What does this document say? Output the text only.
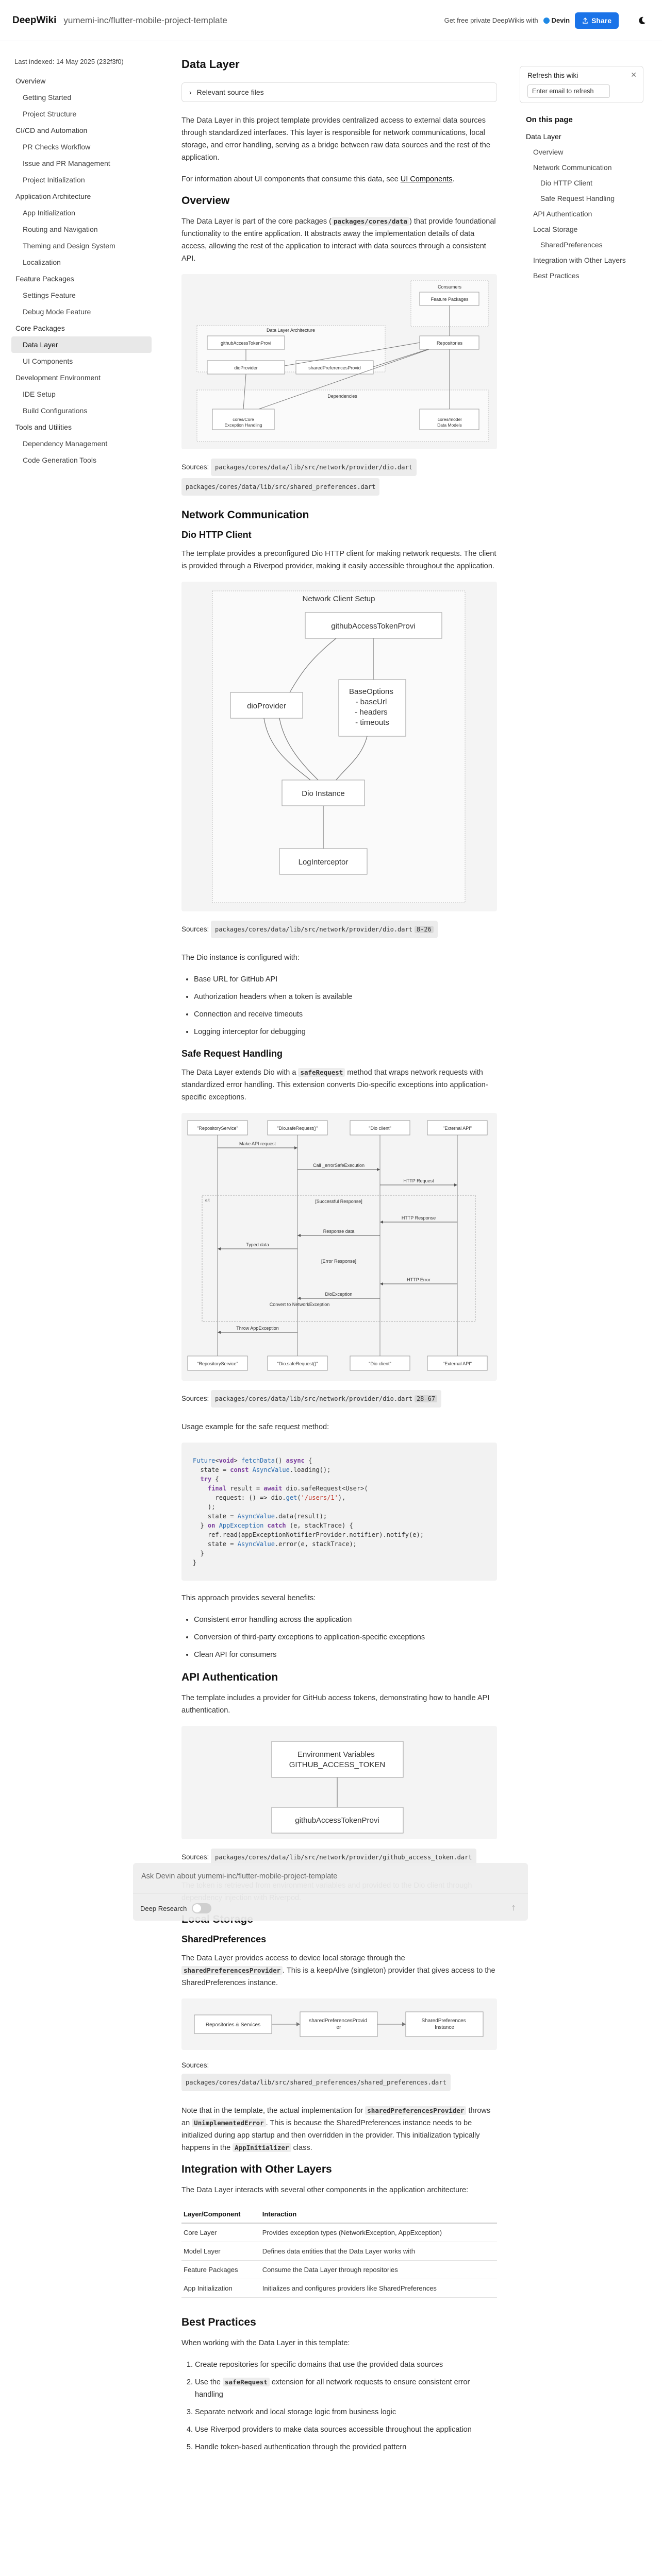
DeepWiki yumemi-inc/flutter-mobile-project-template	Get free private DeepWikis with Devin	Share
Last indexed: 14 May 2025 (232f3f0)
Overview
Getting Started
Project Structure
CI/CD and Automation
PR Checks Workflow
Issue and PR Management
Project Initialization
Application Architecture
App Initialization
Routing and Navigation
Theming and Design System
Localization
Feature Packages
Settings Feature
Debug Mode Feature
Core Packages
Data Layer
UI Components
Development Environment
IDE Setup
Build Configurations
Tools and Utilities
Dependency Management
Code Generation Tools
Data Layer
› Relevant source files

The Data Layer in this project template provides centralized access to external data sources through standardized interfaces. This layer is responsible for network communications, local storage, and error handling, serving as a bridge between raw data sources and the rest of the application.

For information about UI components that consume this data, see UI Components.

Overview

The Data Layer is part of the core packages ( packages/cores/data ) that provide foundational functionality to the entire application. It abstracts away the implementation details of data access, allowing the rest of the application to interact with data sources through a consistent API.

Consumers
Feature Packages
Repositories
Data Layer Architecture
githubAccessTokenProvi
dioProvider	sharedPreferencesProvid
Dependencies
cores/Core Exception Handling
cores/model Data Models
Sources: packages/cores/data/lib/src/network/provider/dio.dart
packages/cores/data/lib/src/shared_preferences.dart
Network Communication
Dio HTTP Client

The template provides a preconfigured Dio HTTP client for making network requests. The client is provided through a Riverpod provider, making it easily accessible throughout the application.

Network Client Setup
githubAccessTokenProvi
dioProvider
BaseOptions - baseUrl - headers - timeouts
Dio Instance
LogInterceptor
Sources: packages/cores/data/lib/src/network/provider/dio.dart 8-26

The Dio instance is configured with:

• Base URL for GitHub API
• Authorization headers when a token is available
• Connection and receive timeouts
• Logging interceptor for debugging
Safe Request Handling

The Data Layer extends Dio with a safeRequest method that wraps network requests with standardized error handling. This extension converts Dio-specific exceptions into application-specific exceptions.

"RepositoryService"
"RepositoryService"
"Dio.safeRequest()"
"Dio.safeRequest()"
"Dio client"
"Dio client"
"External API"
"External API"
alt
Make API request
Call _errorSafeExecution
HTTP Request
[Successful Response]
HTTP Response
Response data
Typed data
[Error Response]
HTTP Error
DioException
Convert to NetworkException
Throw AppException
Sources: packages/cores/data/lib/src/network/provider/dio.dart 28-67

Usage example for the safe request method:

Future<void> fetchData() async {
state = const AsyncValue.loading();
try {
final result = await dio.safeRequest<User>(
request: () => dio.get('/users/1'),
);
state = AsyncValue.data(result);
} on AppException catch (e, stackTrace) {
ref.read(appExceptionNotifierProvider.notifier).notify(e);
state = AsyncValue.error(e, stackTrace);
}
}

This approach provides several benefits:

• Consistent error handling across the application
• Conversion of third-party exceptions to application-specific exceptions
• Clean API for consumers
API Authentication

The template includes a provider for GitHub access tokens, demonstrating how to handle API authentication.

Environment Variables GITHUB_ACCESS_TOKEN
githubAccessTokenProvi
Sources: packages/cores/data/lib/src/network/provider/github_access_token.dart

SharedPreferences

The Data Layer provides access to device local storage through the sharedPreferencesProvider . This is a keepAlive (singleton) provider that gives access to the SharedPreferences instance.

Repositories & Services
sharedPreferencesProvid er
SharedPreferences Instance
Sources:
packages/cores/data/lib/src/shared_preferences/shared_preferences.dart

Note that in the template, the actual implementation for sharedPreferencesProvider throws an UnimplementedError . This is because the SharedPreferences instance needs to be initialized during app startup and then overridden in the provider. This initialization typically happens in the AppInitializer class.

Integration with Other Layers

The Data Layer interacts with several other components in the application architecture:

Layer/Component	Interaction
Core Layer	Provides exception types (NetworkException, AppException)
Model Layer	Defines data entities that the Data Layer works with
Feature Packages	Consume the Data Layer through repositories
App Initialization	Initializes and configures providers like SharedPreferences
Best Practices

When working with the Data Layer in this template:

1. Create repositories for specific domains that use the provided data sources
2. Use the safeRequest extension for all network requests to ensure consistent error handling
3. Separate network and local storage logic from business logic
4. Use Riverpod providers to make data sources accessible throughout the application
5. Handle token-based authentication through the provided pattern
Refresh this wiki	✕
Enter email to refresh
On this page
Data Layer
Overview
Network Communication
Dio HTTP Client
Safe Request Handling
API Authentication
Local Storage
SharedPreferences
Integration with Other Layers
Best Practices
Ask Devin about yumemi-inc/flutter-mobile-project-template
Deep Research	↑
